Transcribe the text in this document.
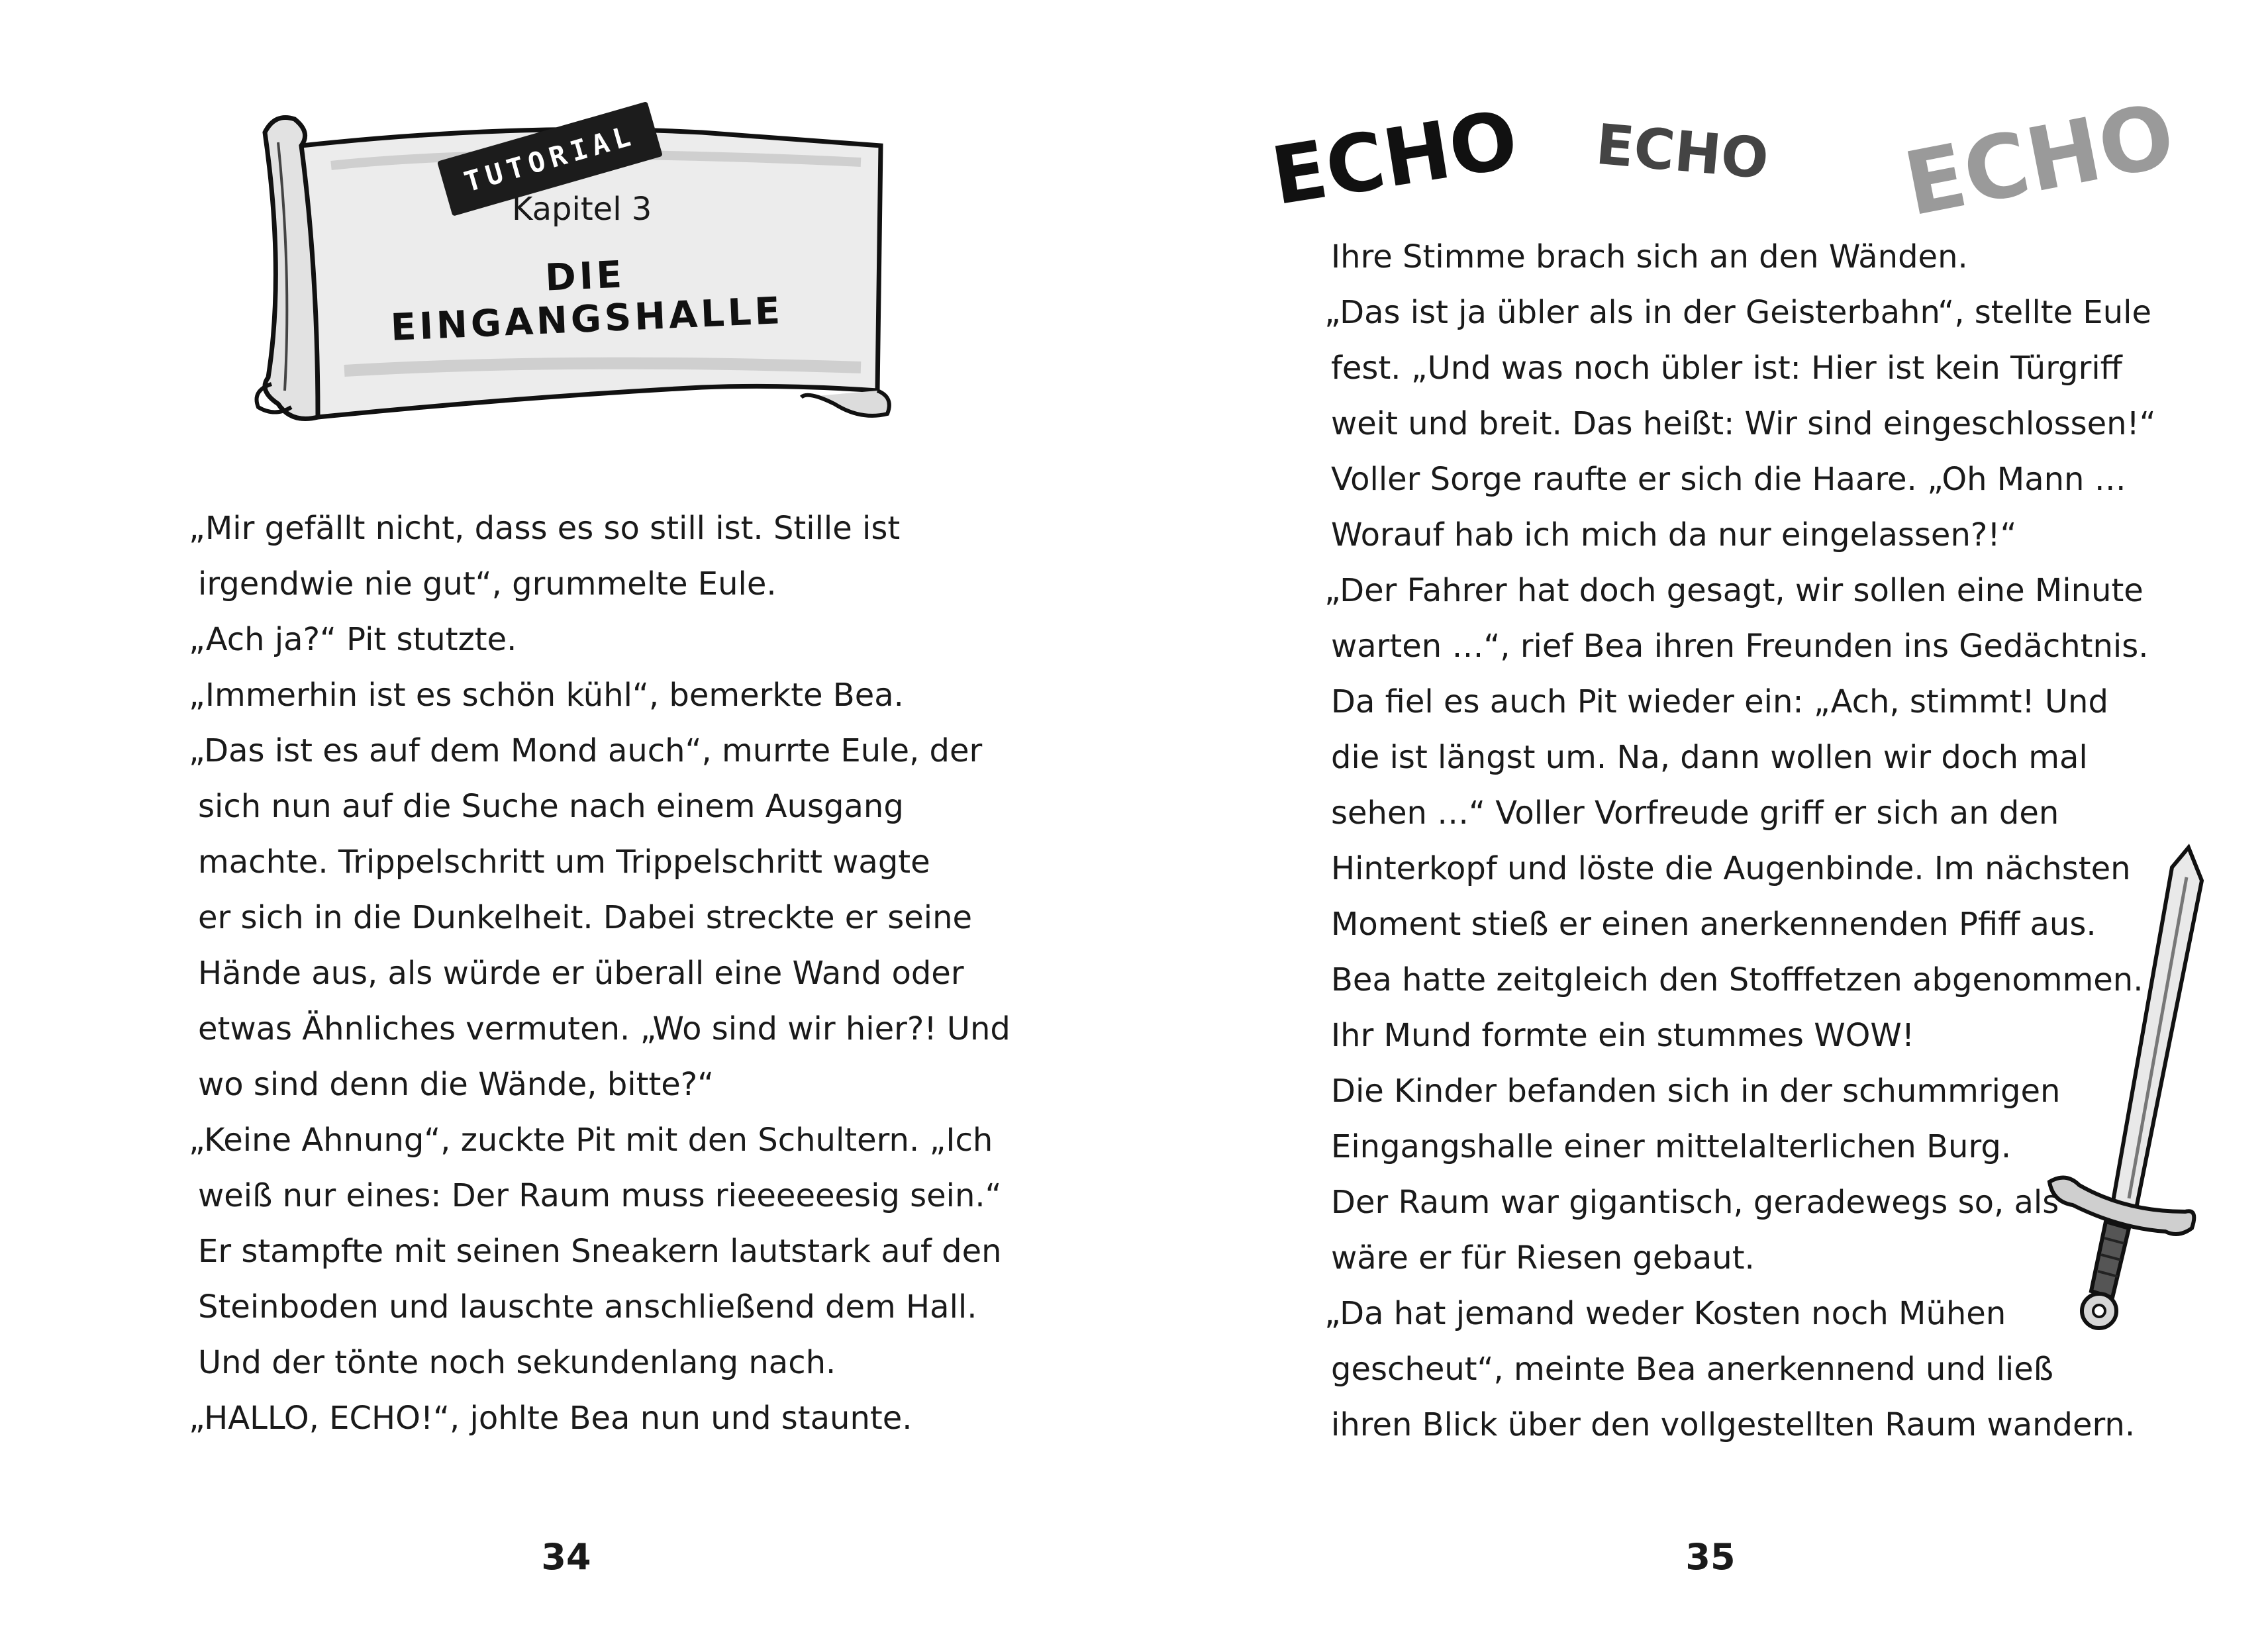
TUTORIAL
Kapitel 3
DIE EINGANGSHALLE
„Mir gefällt nicht, dass es so still ist. Stille ist
irgendwie nie gut“, grummelte Eule.
„Ach ja?“ Pit stutzte.
„Immerhin ist es schön kühl“, bemerkte Bea.
„Das ist es auf dem Mond auch“, murrte Eule, der
sich nun auf die Suche nach einem Ausgang
machte. Trippelschritt um Trippelschritt wagte
er sich in die Dunkelheit. Dabei streckte er seine
Hände aus, als würde er überall eine Wand oder
etwas Ähnliches vermuten. „Wo sind wir hier?! Und
wo sind denn die Wände, bitte?“
„Keine Ahnung“, zuckte Pit mit den Schultern. „Ich
weiß nur eines: Der Raum muss rieeeeeesig sein.“
Er stampfte mit seinen Sneakern lautstark auf den
Steinboden und lauschte anschließend dem Hall.
Und der tönte noch sekundenlang nach.
„HALLO, ECHO!“, johlte Bea nun und staunte.
34
ECHO ECHO ECHO
Ihre Stimme brach sich an den Wänden.
„Das ist ja übler als in der Geisterbahn“, stellte Eule
fest. „Und was noch übler ist: Hier ist kein Türgriff
weit und breit. Das heißt: Wir sind eingeschlossen!“
Voller Sorge raufte er sich die Haare. „Oh Mann …
Worauf hab ich mich da nur eingelassen?!“
„Der Fahrer hat doch gesagt, wir sollen eine Minute
warten …“, rief Bea ihren Freunden ins Gedächtnis.
Da fiel es auch Pit wieder ein: „Ach, stimmt! Und
die ist längst um. Na, dann wollen wir doch mal
sehen …“ Voller Vorfreude griff er sich an den
Hinterkopf und löste die Augenbinde. Im nächsten
Moment stieß er einen anerkennenden Pfiff aus.
Bea hatte zeitgleich den Stofffetzen abgenommen.
Ihr Mund formte ein stummes WOW!
Die Kinder befanden sich in der schummrigen
Eingangshalle einer mittelalterlichen Burg.
Der Raum war gigantisch, geradewegs so, als
wäre er für Riesen gebaut.
„Da hat jemand weder Kosten noch Mühen
gescheut“, meinte Bea anerkennend und ließ
ihren Blick über den vollgestellten Raum wandern.
35
